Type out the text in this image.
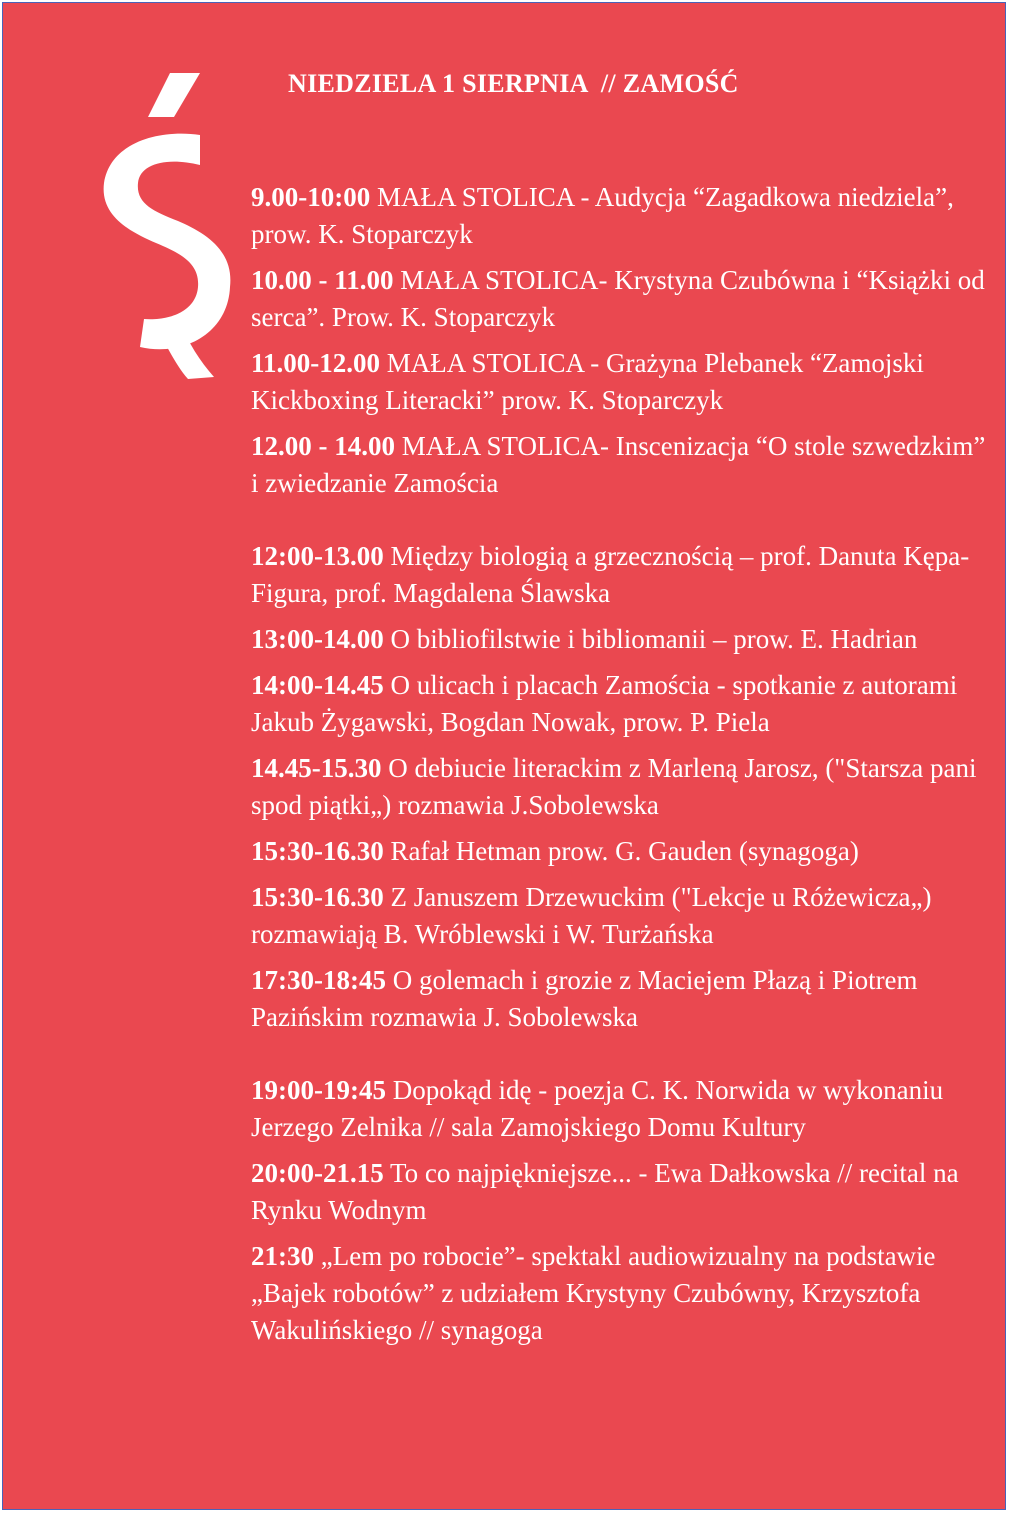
NIEDZIELA 1 SIERPNIA  // ZAMOŚĆ

9.00-10:00 MAŁA STOLICA - Audycja “Zagadkowa niedziela”, prow. K. Stoparczyk

10.00 - 11.00 MAŁA STOLICA- Krystyna Czubówna i “Książki od serca”. Prow. K. Stoparczyk

11.00-12.00 MAŁA STOLICA - Grażyna Plebanek “Zamojski Kickboxing Literacki” prow. K. Stoparczyk

12.00 - 14.00 MAŁA STOLICA- Inscenizacja “O stole szwedzkim” i zwiedzanie Zamościa

12:00-13.00 Między biologią a grzecznością – prof. Danuta Kępa-Figura, prof. Magdalena Ślawska

13:00-14.00 O bibliofilstwie i bibliomanii – prow. E. Hadrian

14:00-14.45 O ulicach i placach Zamościa - spotkanie z autorami Jakub Żygawski, Bogdan Nowak, prow. P. Piela

14.45-15.30 O debiucie literackim z Marleną Jarosz, ("Starsza pani spod piątki„) rozmawia J.Sobolewska

15:30-16.30 Rafał Hetman prow. G. Gauden (synagoga)

15:30-16.30 Z Januszem Drzewuckim ("Lekcje u Różewicza„) rozmawiają B. Wróblewski i W. Turżańska

17:30-18:45 O golemach i grozie z Maciejem Płazą i Piotrem Pazińskim rozmawia J. Sobolewska

19:00-19:45 Dopokąd idę - poezja C. K. Norwida w wykonaniu Jerzego Zelnika // sala Zamojskiego Domu Kultury

20:00-21.15 To co najpiękniejsze... - Ewa Dałkowska // recital na Rynku Wodnym

21:30 „Lem po robocie”- spektakl audiowizualny na podstawie „Bajek robotów” z udziałem Krystyny Czubówny, Krzysztofa Wakulińskiego // synagoga
